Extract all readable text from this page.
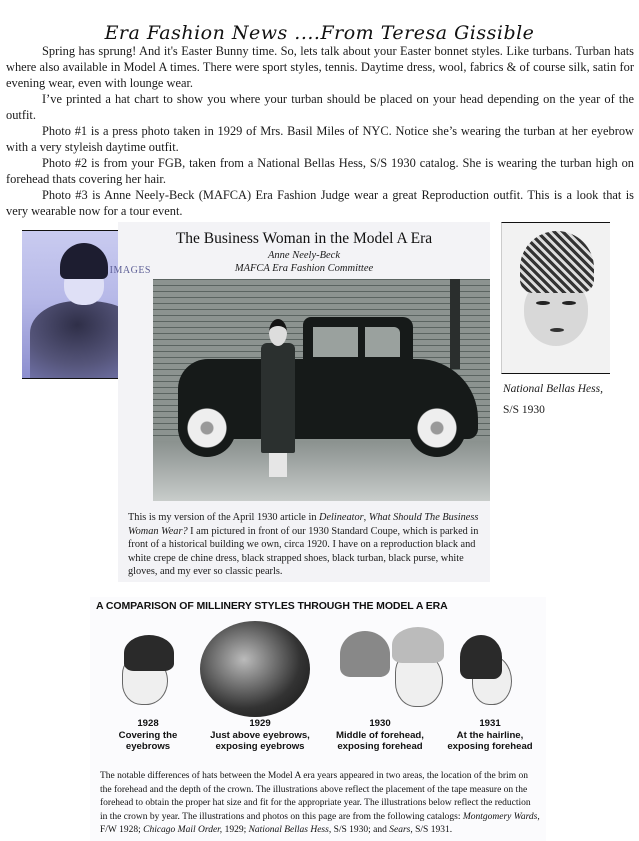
Era Fashion News ....From Teresa Gissible

Spring has sprung! And it's Easter Bunny time. So, lets talk about your Easter bonnet styles. Like turbans. Turban hats where also available in Model A times. There were sport styles, tennis. Daytime dress, wool, fabrics & of course silk, satin for evening wear, even with lounge wear.

I’ve printed a hat chart to show you where your turban should be placed on your head depending on the year of the outfit.

Photo #1 is a press photo taken in 1929 of Mrs. Basil Miles of NYC. Notice she’s wearing the turban at her eyebrow with a very styleish daytime outfit.

Photo #2 is from your FGB, taken from a National Bellas Hess, S/S 1930 catalog. She is wearing the turban high on forehead thats covering her hair.

Photo #3 is Anne Neely-Beck (MAFCA) Era Fashion Judge wear a great Reproduction outfit. This is a look that is very wearable now for a tour event.

IMAGES
The Business Woman in the Model A Era
Anne Neely-Beck
MAFCA Era Fashion Committee
This is my version of the April 1930 article in Delineator, What Should The Business Woman Wear? I am pictured in front of our 1930 Standard Coupe, which is parked in front of a historical building we own, circa 1920. I have on a reproduction black and white crepe de chine dress, black strapped shoes, black turban, black purse, white gloves, and my ever so classic pearls.
National Bellas Hess,
S/S 1930
A COMPARISON OF MILLINERY STYLES THROUGH THE MODEL A ERA
1928
Covering the
eyebrows
1929
Just above eyebrows,
exposing eyebrows
1930
Middle of forehead,
exposing forehead
1931
At the hairline,
exposing forehead
The notable differences of hats between the Model A era years appeared in two areas, the location of the brim on the forehead and the depth of the crown. The illustrations above reflect the placement of the tape measure on the forehead to obtain the proper hat size and fit for the appropriate year. The illustrations below reflect the reduction in the crown by year. The illustrations and photos on this page are from the following catalogs: Montgomery Wards, F/W 1928; Chicago Mail Order, 1929; National Bellas Hess, S/S 1930; and Sears, S/S 1931.
